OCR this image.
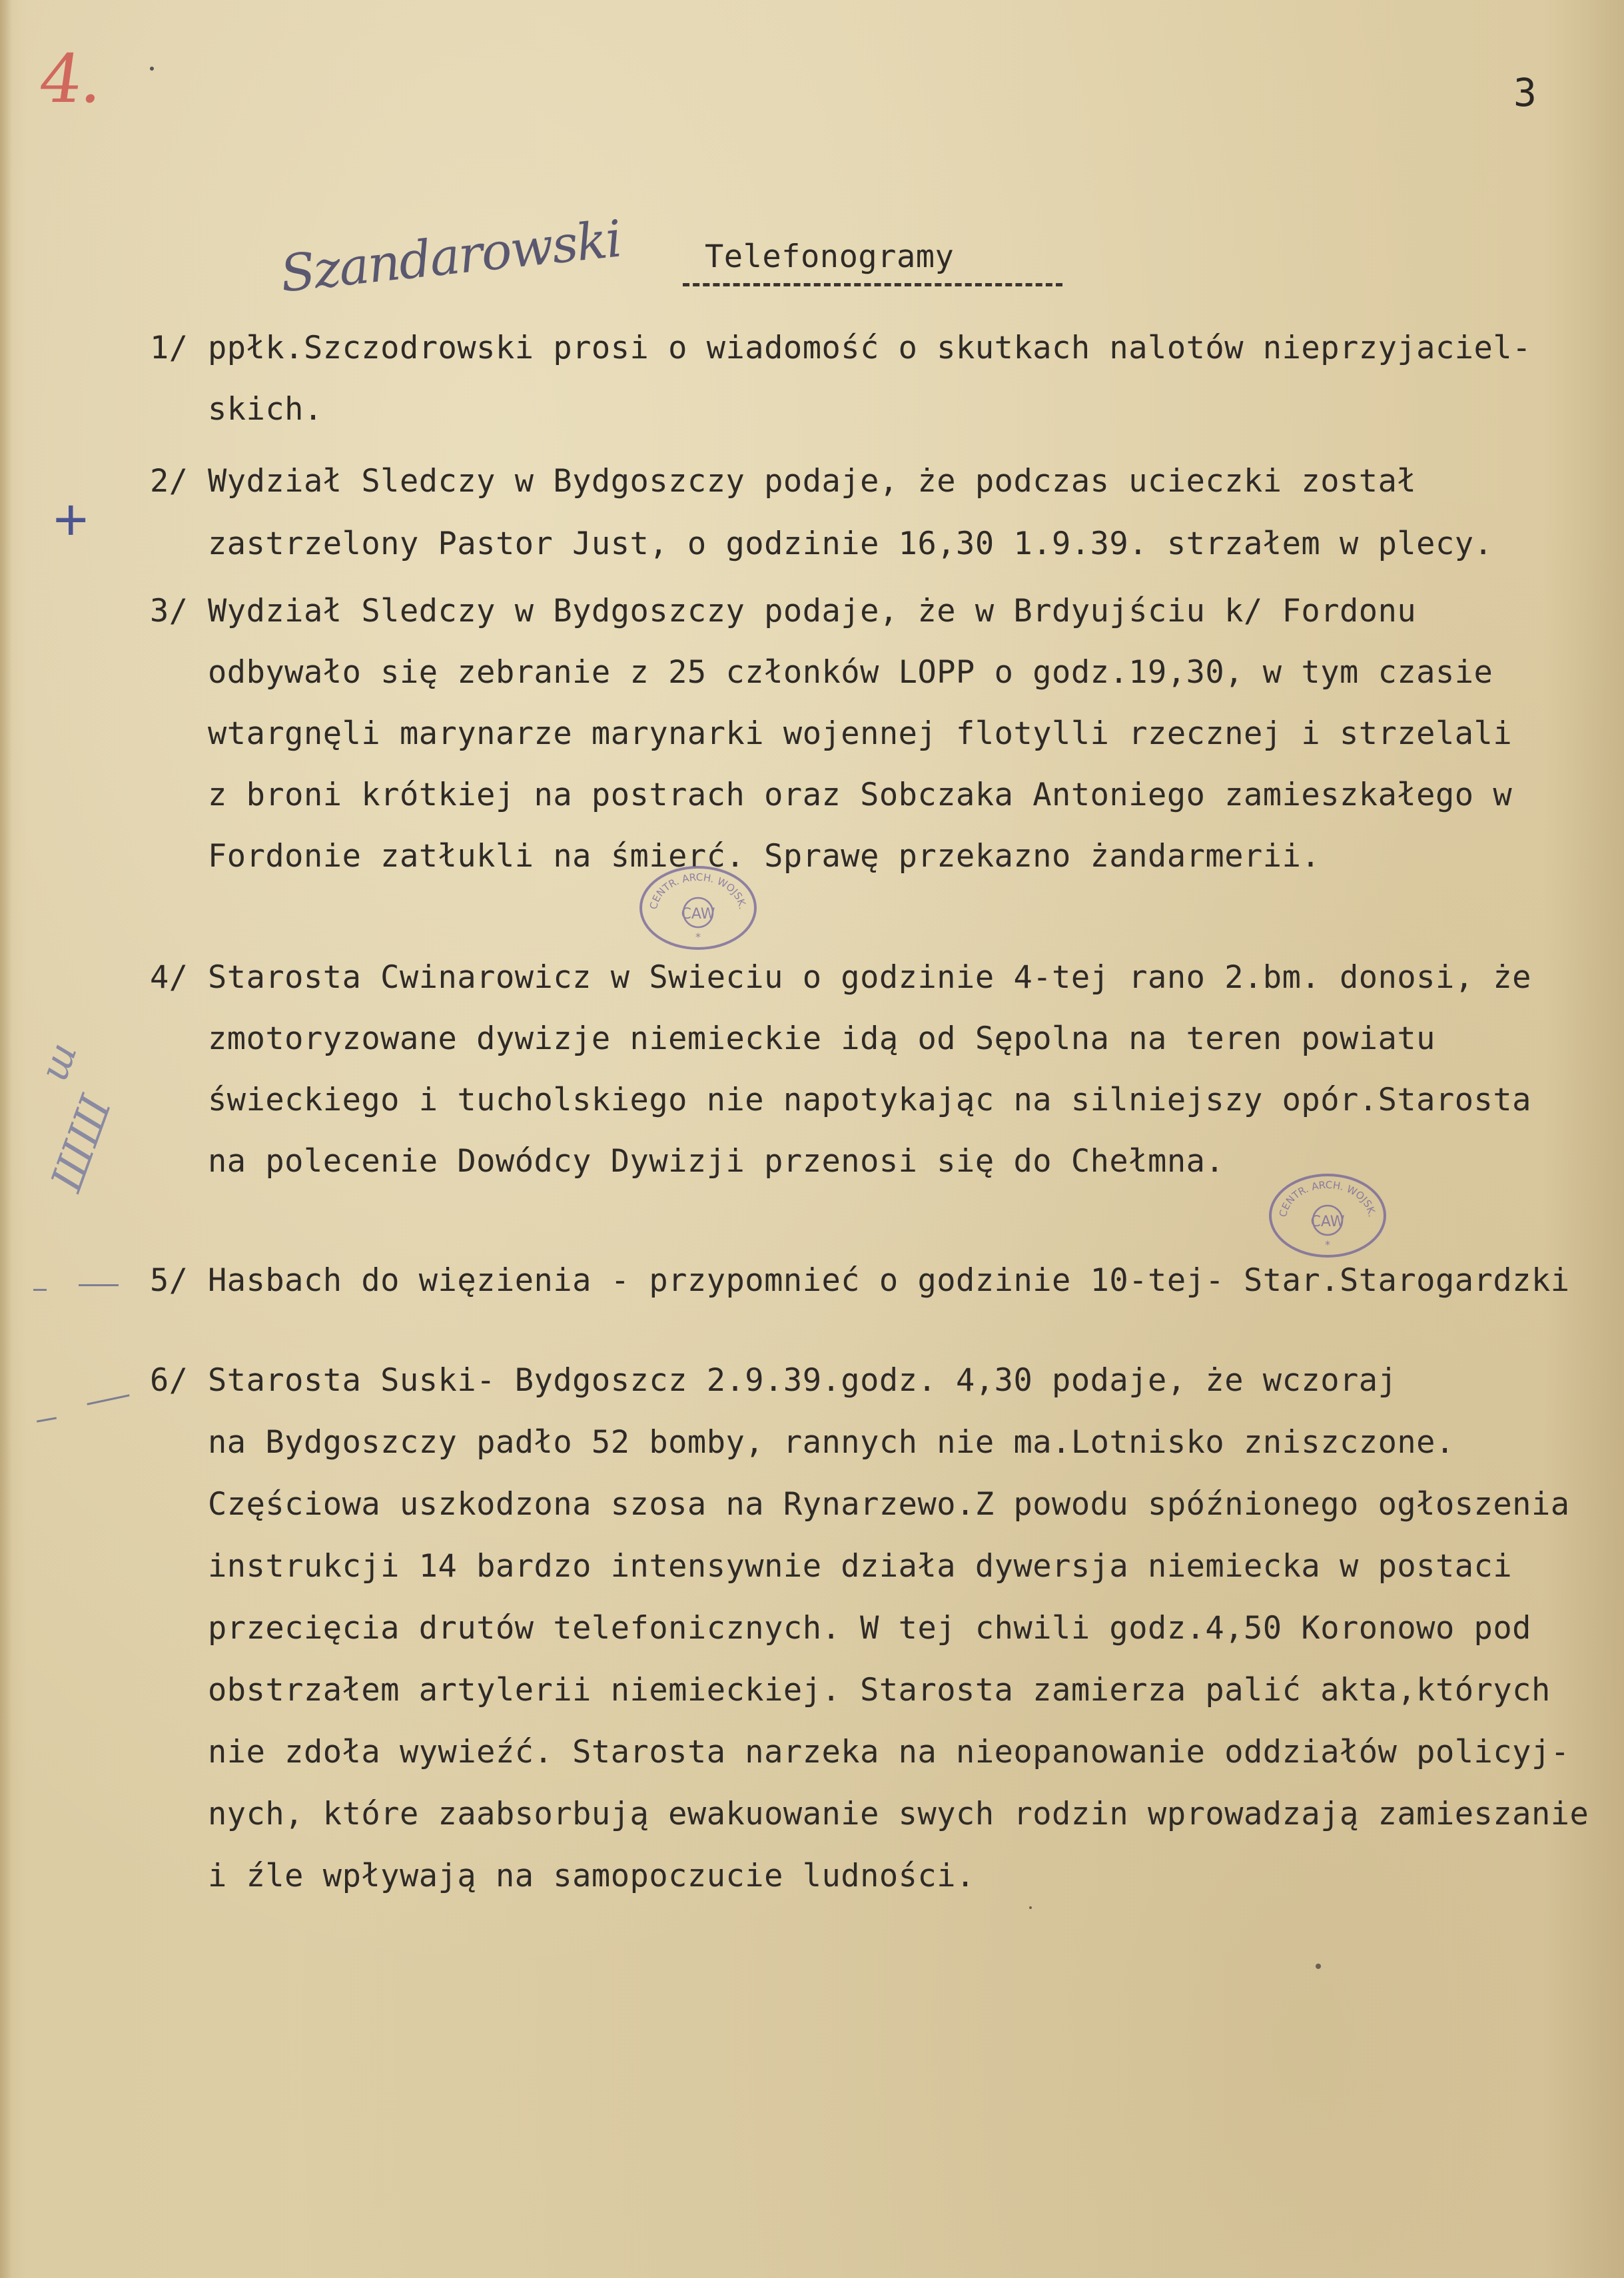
4.	3
Szandarowski	Telefonogramy
+
ш
ШШ
1/ ppłk.Szczodrowski prosi o wiadomość o skutkach nalotów nieprzyjaciel-
skich.
2/ Wydział Sledczy w Bydgoszczy podaje, że podczas ucieczki został
zastrzelony Pastor Just, o godzinie 16,30 1.9.39. strzałem w plecy.
3/ Wydział Sledczy w Bydgoszczy podaje, że w Brdyujściu k/ Fordonu
odbywało się zebranie z 25 członków LOPP o godz.19,30, w tym czasie
wtargnęli marynarze marynarki wojennej flotylli rzecznej i strzelali
z broni krótkiej na postrach oraz Sobczaka Antoniego zamieszkałego w
Fordonie zatłukli na śmierć. Sprawę przekazno żandarmerii.
4/ Starosta Cwinarowicz w Swieciu o godzinie 4-tej rano 2.bm. donosi, że
zmotoryzowane dywizje niemieckie idą od Sępolna na teren powiatu
świeckiego i tucholskiego nie napotykając na silniejszy opór.Starosta
na polecenie Dowódcy Dywizji przenosi się do Chełmna.
5/ Hasbach do więzienia - przypomnieć o godzinie 10-tej- Star.Starogardzki
6/ Starosta Suski- Bydgoszcz 2.9.39.godz. 4,30 podaje, że wczoraj
na Bydgoszczy padło 52 bomby, rannych nie ma.Lotnisko zniszczone.
Częściowa uszkodzona szosa na Rynarzewo.Z powodu spóźnionego ogłoszenia
instrukcji 14 bardzo intensywnie działa dywersja niemiecka w postaci
przecięcia drutów telefonicznych. W tej chwili godz.4,50 Koronowo pod
obstrzałem artylerii niemieckiej. Starosta zamierza palić akta,których
nie zdoła wywieźć. Starosta narzeka na nieopanowanie oddziałów policyj-
nych, które zaabsorbują ewakuowanie swych rodzin wprowadzają zamieszanie
i źle wpływają na samopoczucie ludności.
CENTR. ARCH. WOJSK.
CAW
*
CENTR. ARCH. WOJSK.
CAW
*
